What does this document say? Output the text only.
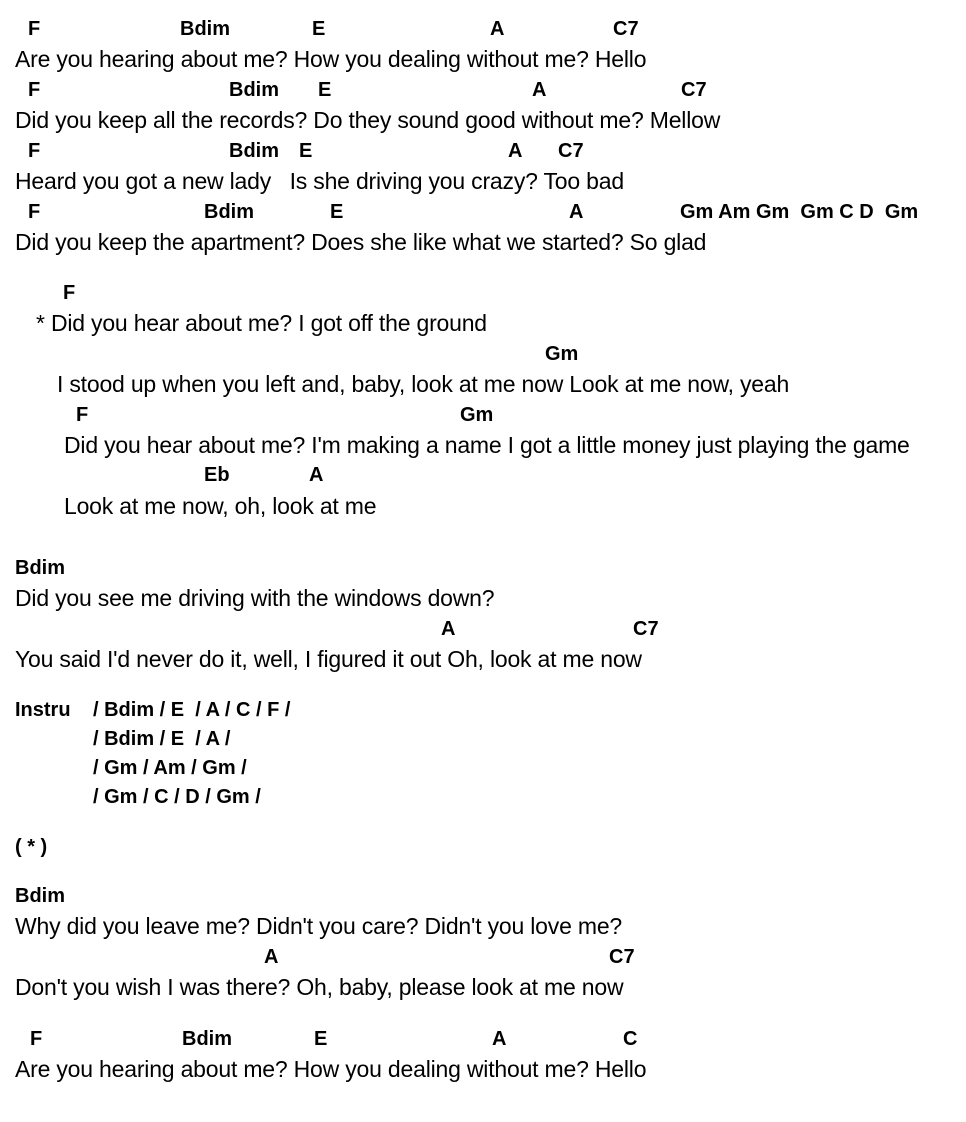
F	Bdim	E	A	C7
Are you hearing about me? How you dealing without me? Hello
F	Bdim E	A	C7
Did you keep all the records? Do they sound good without me? Mellow
F	Bdim E	A C7
Heard you got a new lady   Is she driving you crazy? Too bad
F	Bdim	E	A	Gm Am Gm  Gm C D  Gm
Did you keep the apartment? Does she like what we started? So glad
F
* Did you hear about me? I got off the ground
Gm
I stood up when you left and, baby, look at me now Look at me now, yeah
F	Gm
Did you hear about me? I'm making a name I got a little money just playing the game
Eb	A
Look at me now, oh, look at me
Bdim
Did you see me driving with the windows down?
A	C7
You said I'd never do it, well, I figured it out Oh, look at me now
Instru / Bdim / E  / A / C / F /
/ Bdim / E  / A /
/ Gm / Am / Gm /
/ Gm / C / D / Gm /
( * )
Bdim
Why did you leave me? Didn't you care? Didn't you love me?
A	C7
Don't you wish I was there? Oh, baby, please look at me now
F	Bdim	E	A	C
Are you hearing about me? How you dealing without me? Hello
